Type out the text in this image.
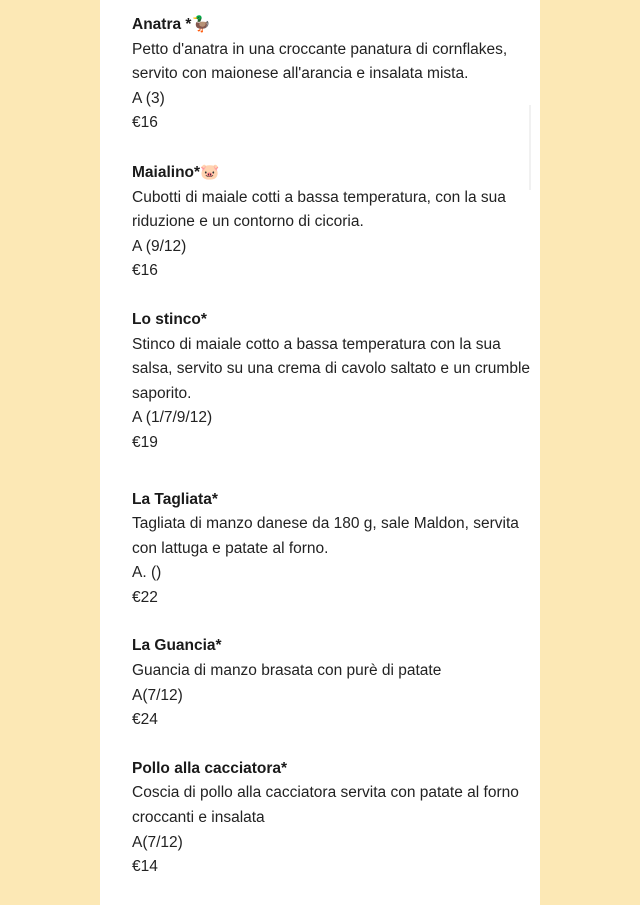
Anatra *🦆
Petto d'anatra in una croccante panatura di cornflakes, servito con maionese all'arancia e insalata mista.
A (3)
€16
Maialino*🐷
Cubotti di maiale cotti a bassa temperatura, con la sua riduzione e un contorno di cicoria.
A (9/12)
€16
Lo stinco*
Stinco di maiale cotto a bassa temperatura con la sua salsa, servito su una crema di cavolo saltato e un crumble saporito.
A (1/7/9/12)
€19
La Tagliata*
Tagliata di manzo danese da 180 g, sale Maldon, servita con lattuga e patate al forno.
A. ()
€22
La Guancia*
Guancia di manzo brasata con purè di patate
A(7/12)
€24
Pollo alla cacciatora*
Coscia di pollo alla cacciatora servita con patate al forno croccanti e insalata
A(7/12)
€14
